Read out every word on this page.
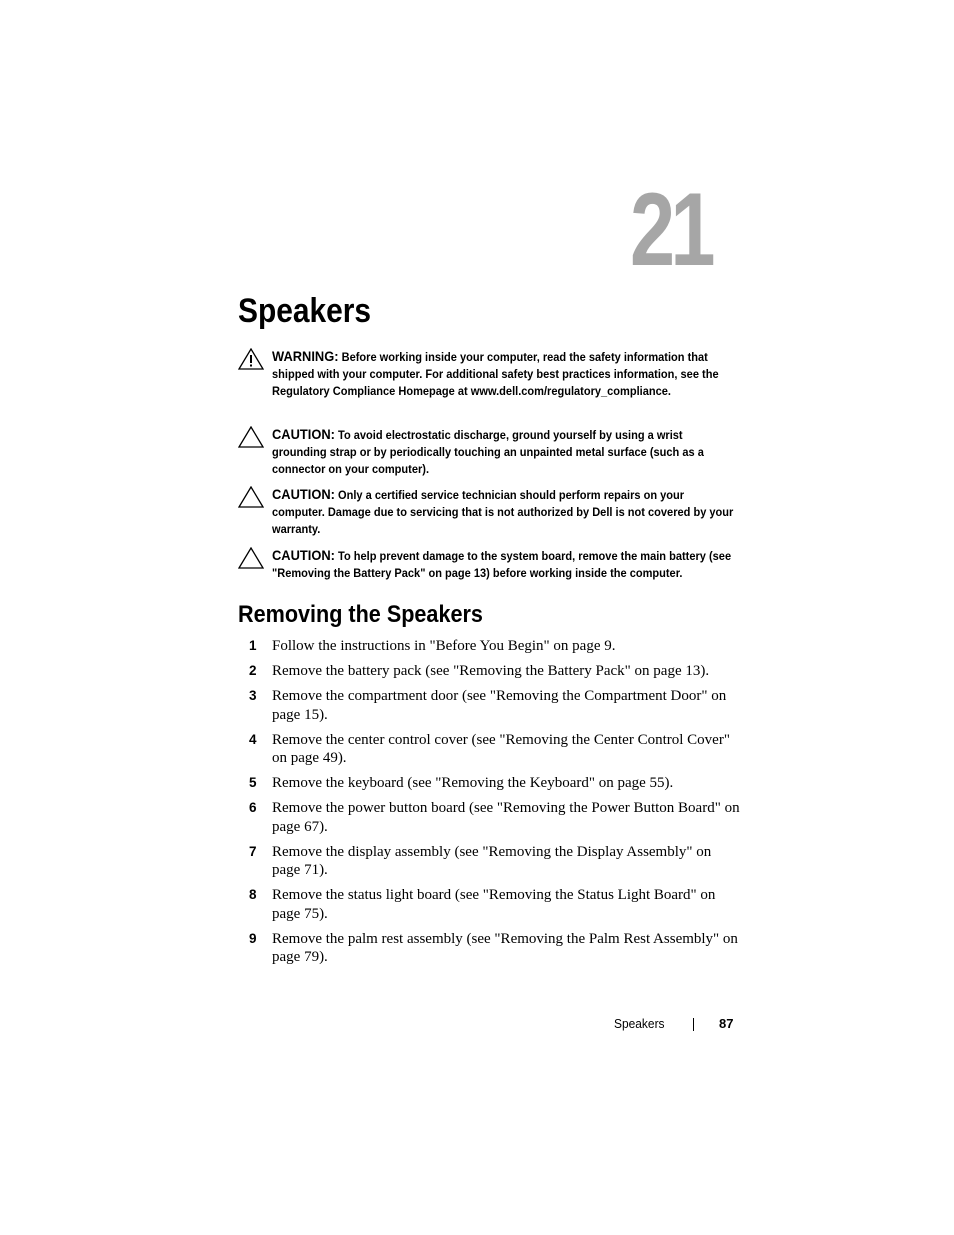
21
Speakers
WARNING: Before working inside your computer, read the safety information that shipped with your computer. For additional safety best practices information, see the Regulatory Compliance Homepage at www.dell.com/regulatory_compliance.
CAUTION: To avoid electrostatic discharge, ground yourself by using a wrist grounding strap or by periodically touching an unpainted metal surface (such as a connector on your computer).
CAUTION: Only a certified service technician should perform repairs on your computer. Damage due to servicing that is not authorized by Dell is not covered by your warranty.
CAUTION: To help prevent damage to the system board, remove the main battery (see "Removing the Battery Pack" on page 13) before working inside the computer.
Removing the Speakers
1 Follow the instructions in "Before You Begin" on page 9.
2 Remove the battery pack (see "Removing the Battery Pack" on page 13).
3 Remove the compartment door (see "Removing the Compartment Door" on page 15).
4 Remove the center control cover (see "Removing the Center Control Cover" on page 49).
5 Remove the keyboard (see "Removing the Keyboard" on page 55).
6 Remove the power button board (see "Removing the Power Button Board" on page 67).
7 Remove the display assembly (see "Removing the Display Assembly" on page 71).
8 Remove the status light board (see "Removing the Status Light Board" on page 75).
9 Remove the palm rest assembly (see "Removing the Palm Rest Assembly" on page 79).
Speakers	87
